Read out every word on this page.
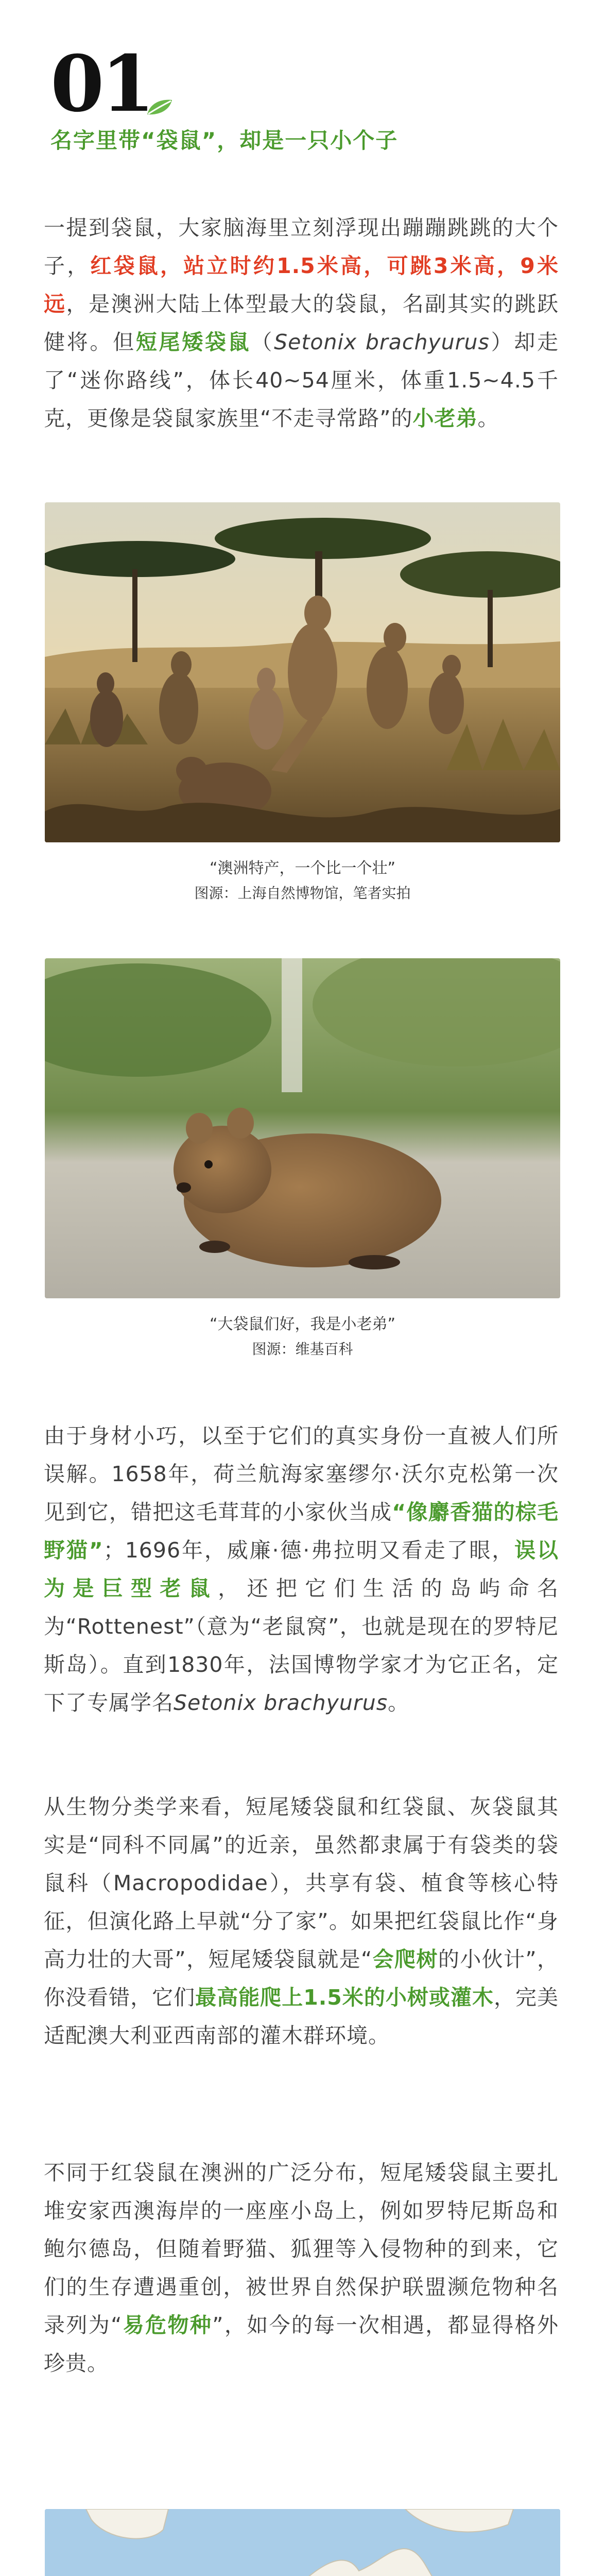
01
名字里带“袋鼠”，却是一只小个子
一提到袋鼠，大家脑海里立刻浮现出蹦蹦跳跳的大个子，红袋鼠，站立时约1.5米高，可跳3米高，9米远，是澳洲大陆上体型最大的袋鼠，名副其实的跳跃健将。但短尾矮袋鼠（Setonix brachyurus）却走了“迷你路线”，体长40~54厘米，体重1.5~4.5千克，更像是袋鼠家族里“不走寻常路”的小老弟。
“澳洲特产，一个比一个壮”
图源：上海自然博物馆，笔者实拍
“大袋鼠们好，我是小老弟”
图源：维基百科
由于身材小巧，以至于它们的真实身份一直被人们所误解。1658年，荷兰航海家塞缪尔·沃尔克松第一次见到它，错把这毛茸茸的小家伙当成“像麝香猫的棕毛野猫”；1696年，威廉·德·弗拉明又看走了眼，误以为是巨型老鼠，还把它们生活的岛屿命名为“Rottenest”（意为“老鼠窝”，也就是现在的罗特尼斯岛）。直到1830年，法国博物学家才为它正名，定下了专属学名Setonix brachyurus。
从生物分类学来看，短尾矮袋鼠和红袋鼠、灰袋鼠其实是“同科不同属”的近亲，虽然都隶属于有袋类的袋鼠科（Macropodidae），共享有袋、植食等核心特征，但演化路上早就“分了家”。如果把红袋鼠比作“身高力壮的大哥”，短尾矮袋鼠就是“会爬树的小伙计”，你没看错，它们最高能爬上1.5米的小树或灌木，完美适配澳大利亚西南部的灌木群环境。
不同于红袋鼠在澳洲的广泛分布，短尾矮袋鼠主要扎堆安家西澳海岸的一座座小岛上，例如罗特尼斯岛和鲍尔德岛，但随着野猫、狐狸等入侵物种的到来，它们的生存遭遇重创，被世界自然保护联盟濒危物种名录列为“易危物种”，如今的每一次相遇，都显得格外珍贵。
